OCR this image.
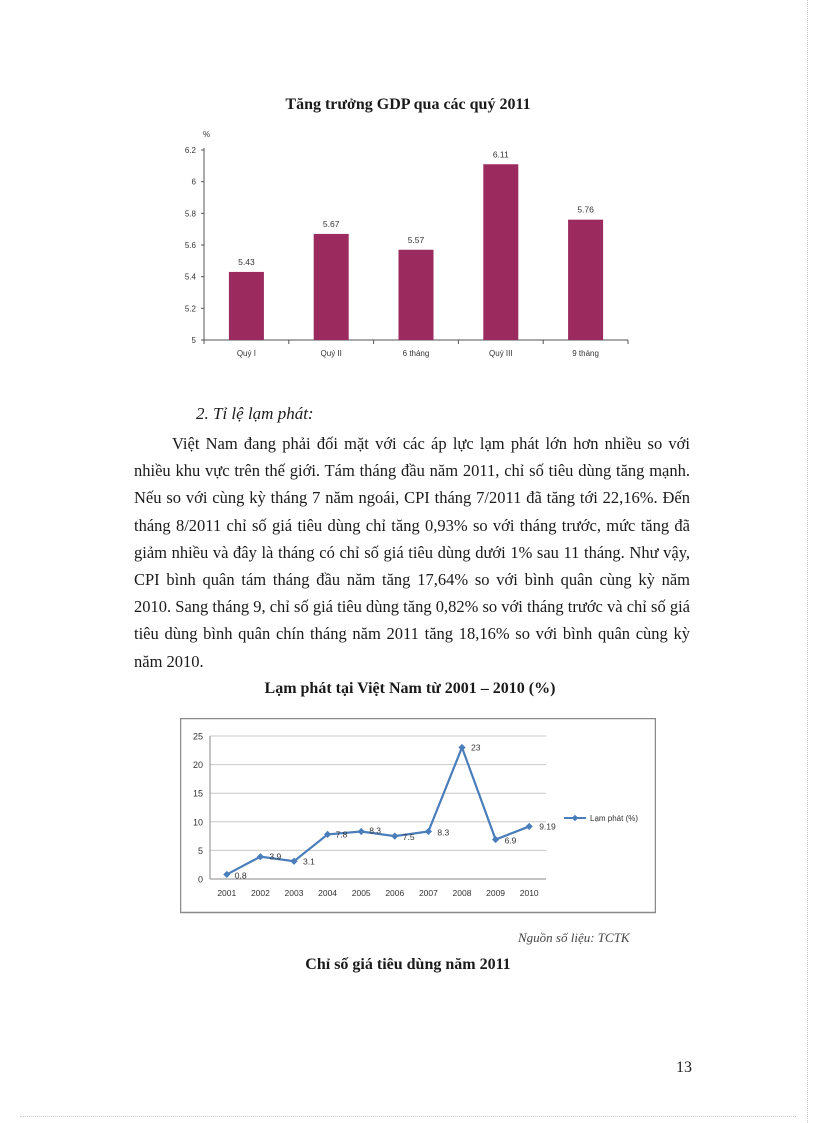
Tăng trưởng GDP qua các quý 2011
%
5
5.2
5.4
5.6
5.8
6
6.2
5.43
Quý I
5.67
Quý II
5.57
6 tháng
6.11
Quý III
5.76
9 tháng
2. Tỉ lệ lạm phát:

Việt Nam đang phải đối mặt với các áp lực lạm phát lớn hơn nhiều so với nhiều khu vực trên thế giới. Tám tháng đầu năm 2011, chỉ số tiêu dùng tăng mạnh. Nếu so với cùng kỳ tháng 7 năm ngoái, CPI tháng 7/2011 đã tăng tới 22,16%. Đến tháng 8/2011 chỉ số giá tiêu dùng chỉ tăng 0,93% so với tháng trước, mức tăng đã giảm nhiều và đây là tháng có chỉ số giá tiêu dùng dưới 1% sau 11 tháng. Như vậy, CPI bình quân tám tháng đầu năm tăng 17,64% so với bình quân cùng kỳ năm 2010. Sang tháng 9, chỉ số giá tiêu dùng tăng 0,82% so với tháng trước và chỉ số giá tiêu dùng bình quân chín tháng năm 2011 tăng 18,16% so với bình quân cùng kỳ năm 2010.

Lạm phát tại Việt Nam từ 2001 – 2010 (%)
0
5
10
15
20
25
2001 2002 2003 2004 2005 2006 2007 2008 2009 2010
0.8
3.9	3.1
7.8	8.3
7.5	8.3
23
6.9
9.19
Lạm phát (%)
Nguồn số liệu: TCTK
Chỉ số giá tiêu dùng năm 2011
13
